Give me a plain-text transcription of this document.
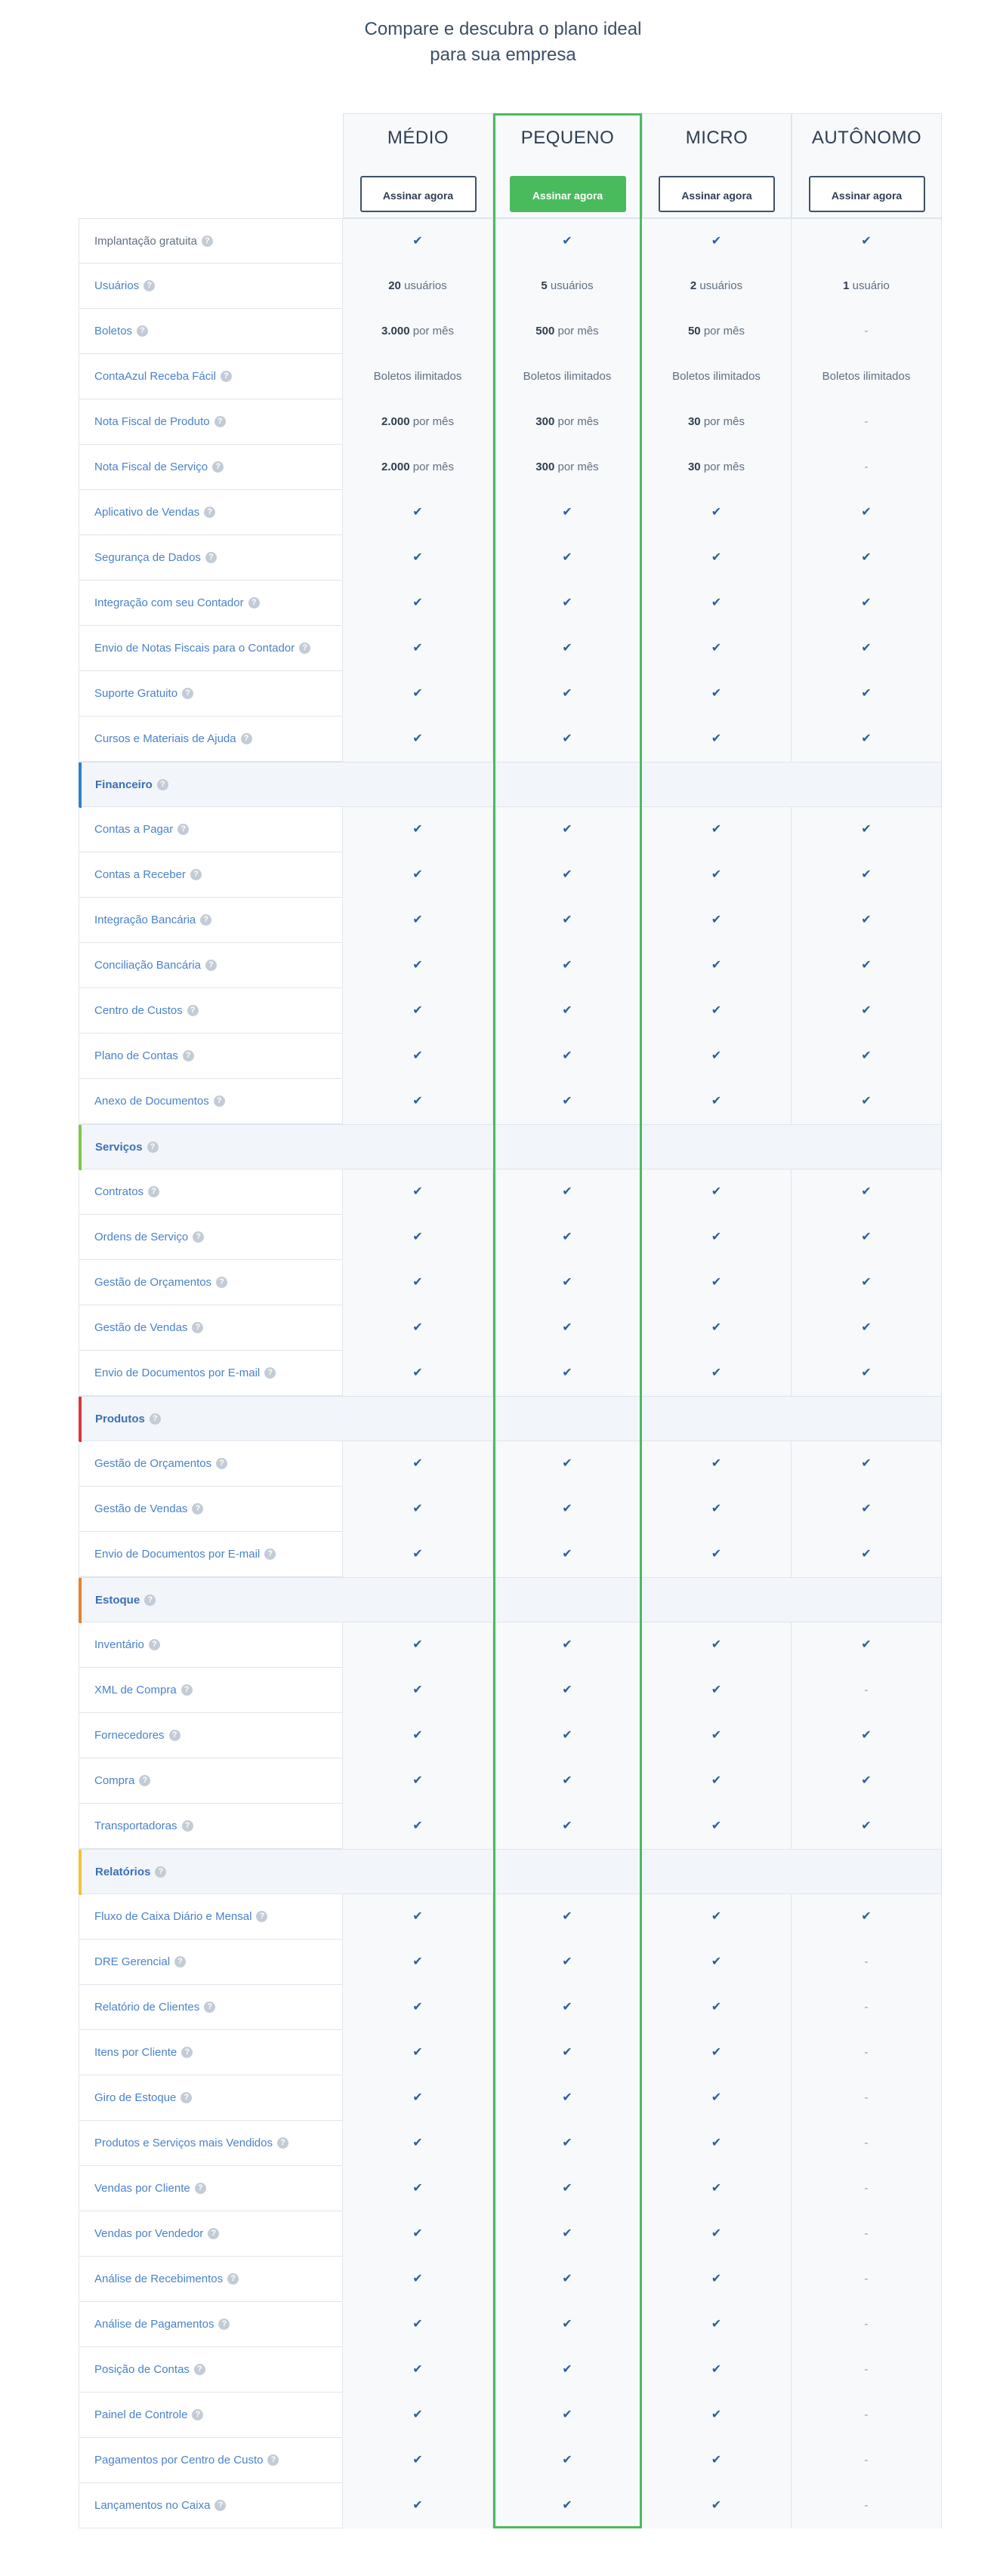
Compare e descubra o plano ideal
para sua empresa
MÉDIO

Assinar agora
PEQUENO

Assinar agora
MICRO

Assinar agora
AUTÔNOMO

Assinar agora
Implantação gratuita ?	✔	✔	✔	✔
Usuários ?	20 usuários	5 usuários	2 usuários	1 usuário
Boletos ?	3.000 por mês	500 por mês	50 por mês	-
ContaAzul Receba Fácil ?	Boletos ilimitados	Boletos ilimitados	Boletos ilimitados	Boletos ilimitados
Nota Fiscal de Produto ?	2.000 por mês	300 por mês	30 por mês	-
Nota Fiscal de Serviço ?	2.000 por mês	300 por mês	30 por mês	-
Aplicativo de Vendas ?	✔	✔	✔	✔
Segurança de Dados ?	✔	✔	✔	✔
Integração com seu Contador ?	✔	✔	✔	✔
Envio de Notas Fiscais para o Contador ?	✔	✔	✔	✔
Suporte Gratuito ?	✔	✔	✔	✔
Cursos e Materiais de Ajuda ?	✔	✔	✔	✔
Financeiro ?
Contas a Pagar ?	✔	✔	✔	✔
Contas a Receber ?	✔	✔	✔	✔
Integração Bancária ?	✔	✔	✔	✔
Conciliação Bancária ?	✔	✔	✔	✔
Centro de Custos ?	✔	✔	✔	✔
Plano de Contas ?	✔	✔	✔	✔
Anexo de Documentos ?	✔	✔	✔	✔
Serviços ?
Contratos ?	✔	✔	✔	✔
Ordens de Serviço ?	✔	✔	✔	✔
Gestão de Orçamentos ?	✔	✔	✔	✔
Gestão de Vendas ?	✔	✔	✔	✔
Envio de Documentos por E-mail ?	✔	✔	✔	✔
Produtos ?
Gestão de Orçamentos ?	✔	✔	✔	✔
Gestão de Vendas ?	✔	✔	✔	✔
Envio de Documentos por E-mail ?	✔	✔	✔	✔
Estoque ?
Inventário ?	✔	✔	✔	✔
XML de Compra ?	✔	✔	✔	-
Fornecedores ?	✔	✔	✔	✔
Compra ?	✔	✔	✔	✔
Transportadoras ?	✔	✔	✔	✔
Relatórios ?
Fluxo de Caixa Diário e Mensal ?	✔	✔	✔	✔
DRE Gerencial ?	✔	✔	✔	-
Relatório de Clientes ?	✔	✔	✔	-
Itens por Cliente ?	✔	✔	✔	-
Giro de Estoque ?	✔	✔	✔	-
Produtos e Serviços mais Vendidos ?	✔	✔	✔	-
Vendas por Cliente ?	✔	✔	✔	-
Vendas por Vendedor ?	✔	✔	✔	-
Análise de Recebimentos ?	✔	✔	✔	-
Análise de Pagamentos ?	✔	✔	✔	-
Posição de Contas ?	✔	✔	✔	-
Painel de Controle ?	✔	✔	✔	-
Pagamentos por Centro de Custo ?	✔	✔	✔	-
Lançamentos no Caixa ?	✔	✔	✔	-
